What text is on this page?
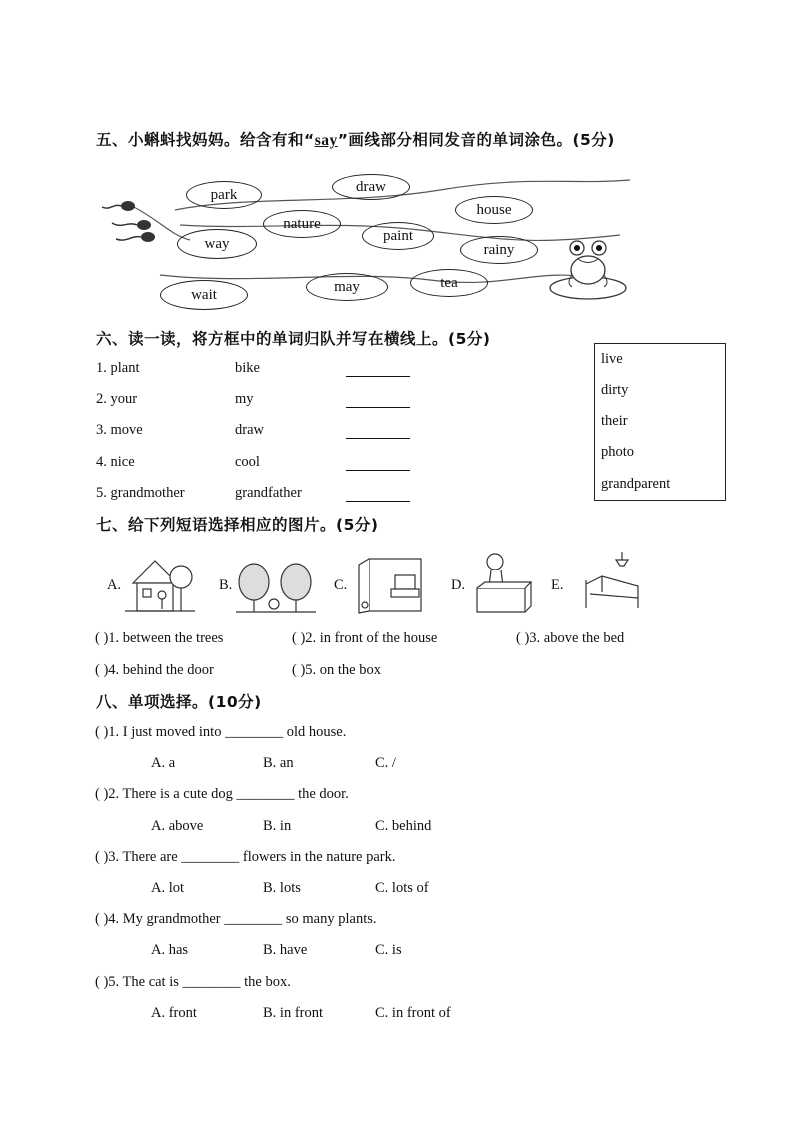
五、小蝌蚪找妈妈。给含有和“say”画线部分相同发音的单词涂色。(5分)
park	draw
house
nature
paint
way	rainy
wait	may	tea
六、读一读，将方框中的单词归队并写在横线上。(5分)
1. plant	bike
2. your	my
3. move	draw
4. nice	cool
5. grandmother	grandfather
live
dirty
their
photo
grandparent
七、给下列短语选择相应的图片。(5分)
A.	B.	C.	D.	E.
( )1. between the trees	( )2. in front of the house	( )3. above the bed
( )4. behind the door	( )5. on the box
八、单项选择。(10分)
( )1. I just moved into ________ old house.
A. a	B. an	C. /
( )2. There is a cute dog ________ the door.
A. above	B. in	C. behind
( )3. There are ________ flowers in the nature park.
A. lot	B. lots	C. lots of
( )4. My grandmother ________ so many plants.
A. has	B. have	C. is
( )5. The cat is ________ the box.
A. front	B. in front	C. in front of
